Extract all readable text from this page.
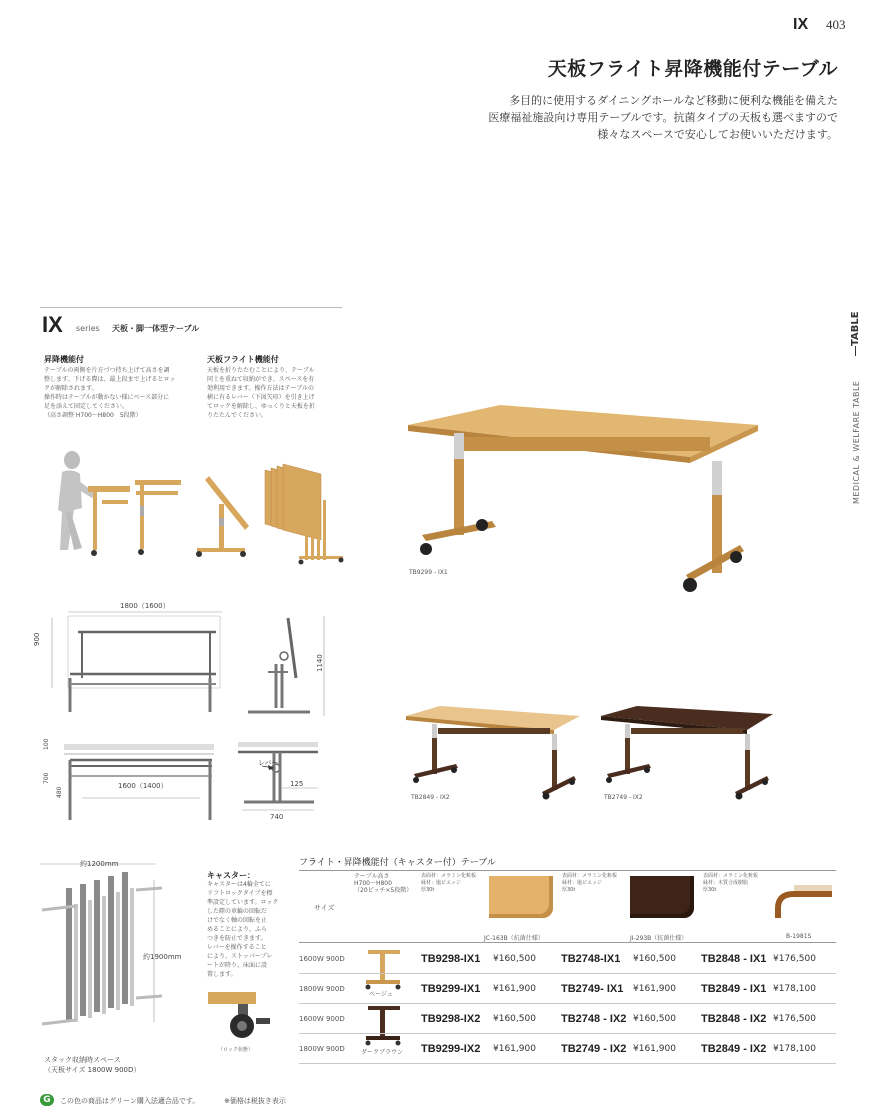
IX 403
天板フライト昇降機能付テーブル
多目的に使用するダイニングホールなど移動に便利な機能を備えた
医療福祉施設向け専用テーブルです。抗菌タイプの天板も選べますので
様々なスペースで安心してお使いいただけます。
TABLE
MEDICAL & WELFARE TABLE
IX series 天板・脚一体型テーブル
昇降機能付
テーブルの両側を片方づつ持ち上げて高さを調
整します。下げる際は、最上段まで上げるとロッ
クが解除されます。
操作時はテーブルが動かない様にベース部分に
足を添えて固定してください。
（高さ調整 H700〜H800　5段階）
天板フライト機能付
天板を折りたたむことにより、テーブル
同士を重ねて収納ができ、スペースを有
効利用できます。操作方法はテーブルの
横に有るレバー（下図矢印）を引き上げ
てロックを解除し、ゆっくりと天板を折
りたたんでください。
TB9299 - IX1
1800（1600）
900
1140
TB2849 - IX2	TB2749 - IX2
100
700
480
1600（1400）
レバー
125
740
約1200mm
約1900mm
スタック収納時スペース
（天板サイズ 1800W 900D）
キャスター：
キャスターは4輪全てに
リフトロックタイプを標
準設定しています。ロック
した際の車輪の回転だ
けでなく軸の回転を止
めることにより、ふら
つきを防止できます。
レバーを操作すること
により、ストッパープレ
ートが降り、床面に設
置します。
（ロック状態）
フライト・昇降機能付（キャスター付）テーブル
サイズ
テーブル高さ
H700〜H800
（20ピッチ×5段階）
表面材：メラミン化粧板
縁材：塩ビエッジ
厚30t
JC-163B（抗菌仕様）
表面材：メラミン化粧板
縁材：塩ビエッジ
厚30t
JI-293B（抗菌仕様）
表面材：メラミン化粧板
縁材：木質合成樹脂
厚30t
B-1981S
ベージュ
ダークブラウン
1600W 900D		TB9298-IX1	¥160,500	TB2748-IX1	¥160,500	TB2848 - IX1	¥176,500
1800W 900D		TB9299-IX1	¥161,900	TB2749- IX1	¥161,900	TB2849 - IX1	¥178,100
1600W 900D		TB9298-IX2	¥160,500	TB2748 - IX2	¥160,500	TB2848 - IX2	¥176,500
1800W 900D		TB9299-IX2	¥161,900	TB2749 - IX2	¥161,900	TB2849 - IX2	¥178,100
G	この色の商品はグリーン購入法適合品です。	※価格は税抜き表示
